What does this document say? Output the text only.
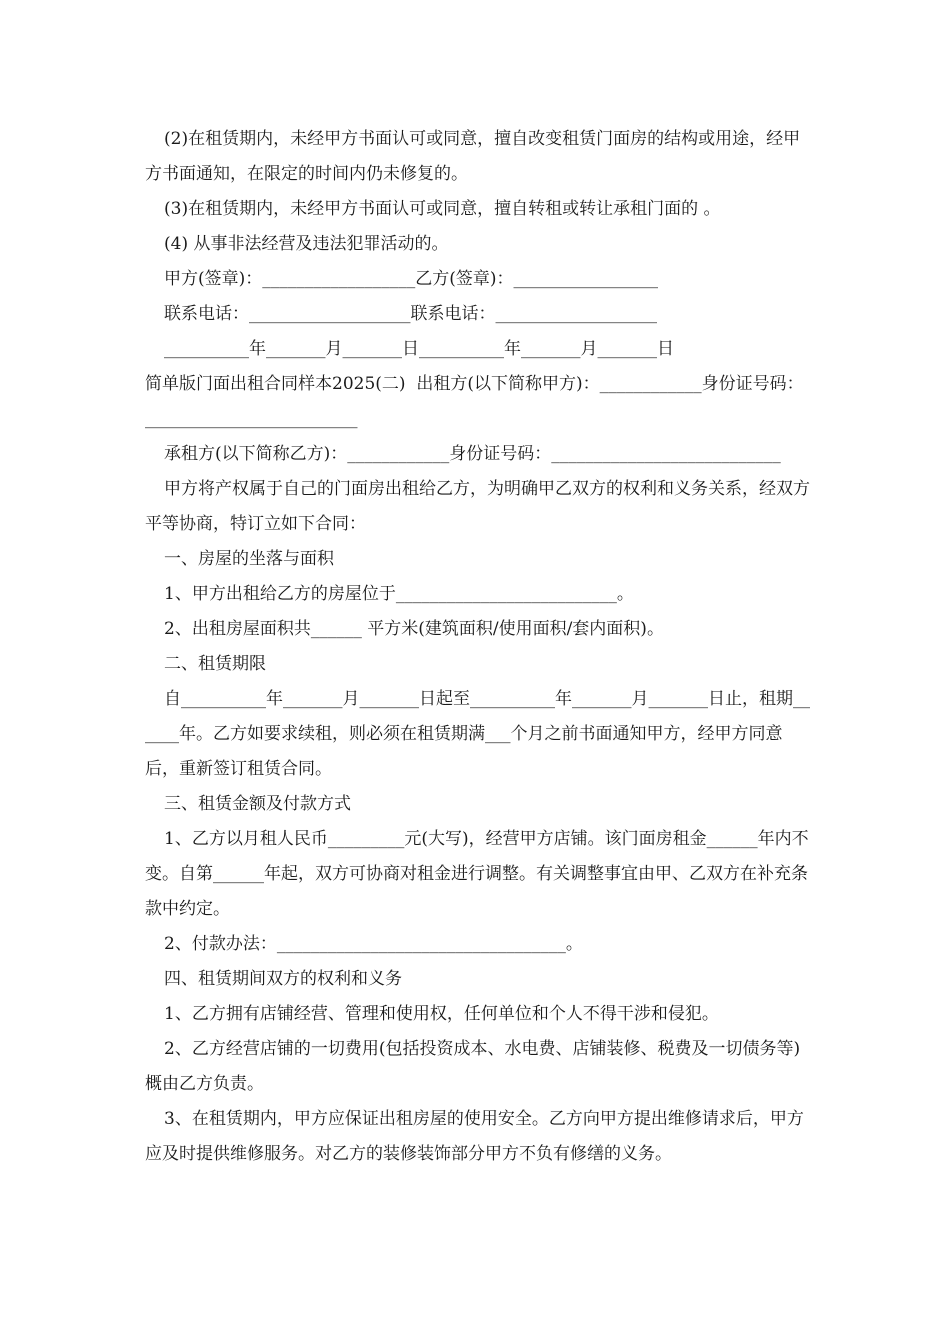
(2)在租赁期内，未经甲方书面认可或同意，擅自改变租赁门面房的结构或用途，经甲方书面通知，在限定的时间内仍未修复的。

(3)在租赁期内，未经甲方书面认可或同意，擅自转租或转让承租门面的 。

(4) 从事非法经营及违法犯罪活动的。

甲方(签章)：__________________乙方(签章)：_________________

联系电话：___________________联系电话：___________________

__________年_______月_______日__________年_______月_______日

简单版门面出租合同样本2025(二)  出租方(以下简称甲方)：____________身份证号码：_________________________

承租方(以下简称乙方)：____________身份证号码：___________________________

甲方将产权属于自己的门面房出租给乙方，为明确甲乙双方的权利和义务关系，经双方平等协商，特订立如下合同：

一、房屋的坐落与面积

1、甲方出租给乙方的房屋位于__________________________。

2、出租房屋面积共______ 平方米(建筑面积/使用面积/套内面积)。

二、租赁期限

自__________年_______月_______日起至__________年_______月_______日止，租期______年。乙方如要求续租，则必须在租赁期满___个月之前书面通知甲方，经甲方同意后，重新签订租赁合同。

三、租赁金额及付款方式

1、乙方以月租人民币_________元(大写)，经营甲方店铺。该门面房租金______年内不变。自第______年起，双方可协商对租金进行调整。有关调整事宜由甲、乙双方在补充条款中约定。

2、付款办法：__________________________________。

四、租赁期间双方的权利和义务

1、乙方拥有店铺经营、管理和使用权，任何单位和个人不得干涉和侵犯。

2、乙方经营店铺的一切费用(包括投资成本、水电费、店铺装修、税费及一切债务等)概由乙方负责。

3、在租赁期内，甲方应保证出租房屋的使用安全。乙方向甲方提出维修请求后，甲方应及时提供维修服务。对乙方的装修装饰部分甲方不负有修缮的义务。
